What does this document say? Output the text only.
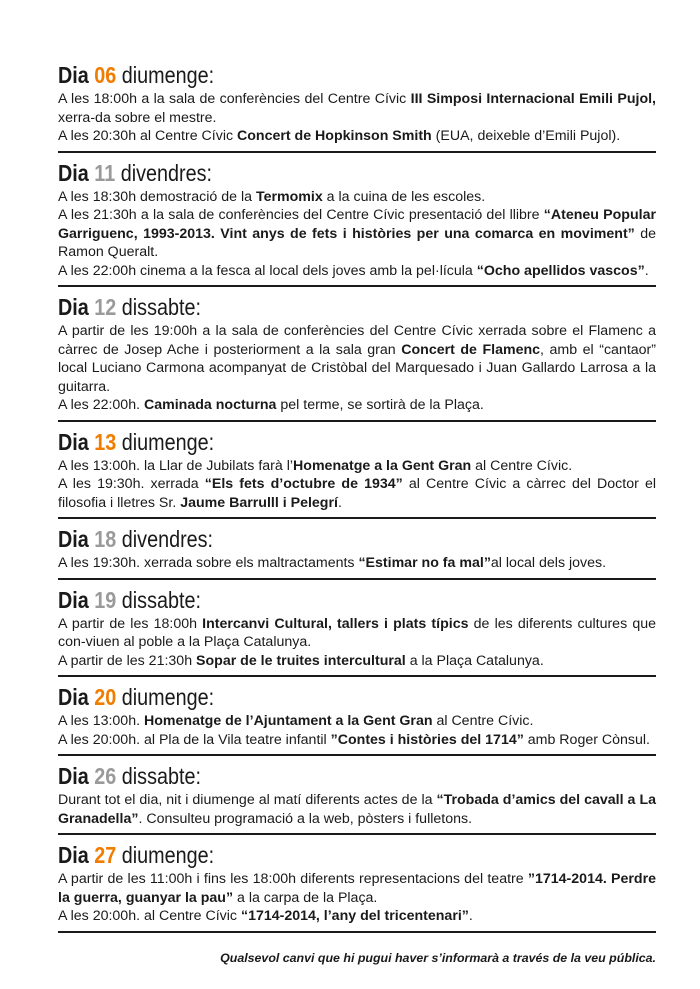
Dia 06 diumenge:

A les 18:00h a la sala de conferències del Centre Cívic III Simposi Internacional Emili Pujol, xerra-da sobre el mestre.

A les 20:30h al Centre Cívic Concert de Hopkinson Smith (EUA, deixeble d’Emili Pujol).

Dia 11 divendres:

A les 18:30h demostració de la Termomix a la cuina de les escoles.

A les 21:30h a la sala de conferències del Centre Cívic presentació del llibre “Ateneu Popular Garriguenc, 1993-2013. Vint anys de fets i històries per una comarca en moviment” de Ramon Queralt.

A les 22:00h cinema a la fesca al local dels joves amb la pel·lícula “Ocho apellidos vascos”.

Dia 12 dissabte:

A partir de les 19:00h a la sala de conferències del Centre Cívic xerrada sobre el Flamenc a càrrec de Josep Ache i posteriorment a la sala gran Concert de Flamenc, amb el “cantaor” local Luciano Carmona acompanyat de Cristòbal del Marquesado i Juan Gallardo Larrosa a la guitarra.

A les 22:00h. Caminada nocturna pel terme, se sortirà de la Plaça.

Dia 13 diumenge:

A les 13:00h. la Llar de Jubilats farà l’Homenatge a la Gent Gran al Centre Cívic.

A les 19:30h. xerrada “Els fets d’octubre de 1934” al Centre Cívic a càrrec del Doctor el filosofia i lletres Sr. Jaume Barrulll i Pelegrí.

Dia 18 divendres:

A les 19:30h. xerrada sobre els maltractaments “Estimar no fa mal”al local dels joves.

Dia 19 dissabte:

A partir de les 18:00h Intercanvi Cultural, tallers i plats típics de les diferents cultures que con-viuen al poble a la Plaça Catalunya.

A partir de les 21:30h Sopar de le truites intercultural a la Plaça Catalunya.

Dia 20 diumenge:

A les 13:00h. Homenatge de l’Ajuntament a la Gent Gran al Centre Cívic.

A les 20:00h. al Pla de la Vila teatre infantil ”Contes i històries del 1714” amb Roger Cònsul.

Dia 26 dissabte:

Durant tot el dia, nit i diumenge al matí diferents actes de la “Trobada d’amics del cavall a La Granadella”. Consulteu programació a la web, pòsters i fulletons.

Dia 27 diumenge:

A partir de les 11:00h i fins les 18:00h diferents representacions del teatre ”1714-2014. Perdre la guerra, guanyar la pau” a la carpa de la Plaça.

A les 20:00h. al Centre Cívic “1714-2014, l’any del tricentenari”.

Qualsevol canvi que hi pugui haver s’informarà a través de la veu pública.
